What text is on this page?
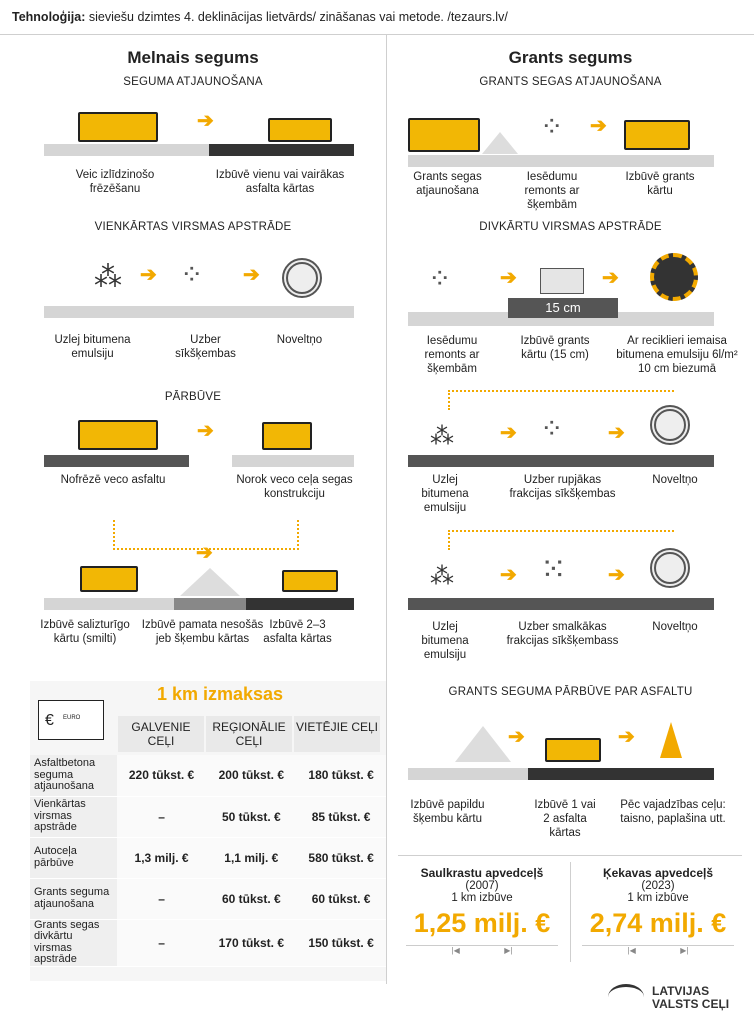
Tehnoloģija: sieviešu dzimtes 4. deklinācijas lietvārds/ zināšanas vai metode. /tezaurs.lv/
Melnais segums
SEGUMA ATJAUNOŠANA
➔
Veic izlīdzinošo frēzēšanu
Izbūvē vienu vai vairākas asfalta kārtas
VIENKĀRTAS VIRSMAS APSTRĀDE
⁂ ➔ ⁘ ➔
Uzlej bitumena emulsiju
Uzber sīkšķembas
Noveltņo
PĀRBŪVE
➔
Nofrēzē veco asfaltu	Norok veco ceļa segas konstrukciju
➔
Izbūvē salizturīgo kārtu (smilti)
Izbūvē pamata nesošās jeb šķembu kārtas
Izbūvē 2–3 asfalta kārtas
1 km izmaksas
€ EURO
GALVENIE CEĻI
REĢIONĀLIE CEĻI
VIETĒJIE CEĻI
Asfaltbetona seguma atjaunošana	220 tūkst. €	200 tūkst. €	180 tūkst. €
Vienkārtas virsmas apstrāde	–	50 tūkst. €	85 tūkst. €
Autoceļa pārbūve	1,3 milj. €	1,1 milj. €	580 tūkst. €
Grants seguma atjaunošana	–	60 tūkst. €	60 tūkst. €
Grants segas divkārtu virsmas apstrāde	–	170 tūkst. €	150 tūkst. €
Grants segums
GRANTS SEGAS ATJAUNOŠANA
⁘ ➔
Grants segas atjaunošana
Iesēdumu remonts ar šķembām
Izbūvē grants kārtu
DIVKĀRTU VIRSMAS APSTRĀDE
15 cm
⁘ ➔	➔
Iesēdumu remonts ar šķembām
Izbūvē grants kārtu (15 cm)
Ar reciklieri iemaisa bitumena emulsiju 6l/m² 10 cm biezumā
⁂ ➔ ⁘ ➔
Uzlej bitumena emulsiju
Uzber rupjākas frakcijas sīkšķembas
Noveltņo
⁂ ➔ ⁙ ➔
Uzlej bitumena emulsiju
Uzber smalkākas frakcijas sīkšķembass
Noveltņo
GRANTS SEGUMA PĀRBŪVE PAR ASFALTU
➔	➔
Izbūvē papildu šķembu kārtu
Izbūvē 1 vai 2 asfalta kārtas
Pēc vajadzības ceļu: taisno, paplašina utt.
Saulkrastu apvedceļš
(2007)
1 km izbūve
1,25 milj. €
|◀                    ▶|
Ķekavas apvedceļš
(2023)
1 km izbūve
2,74 milj. €
|◀                    ▶|
LATVIJAS
VALSTS CEĻI
